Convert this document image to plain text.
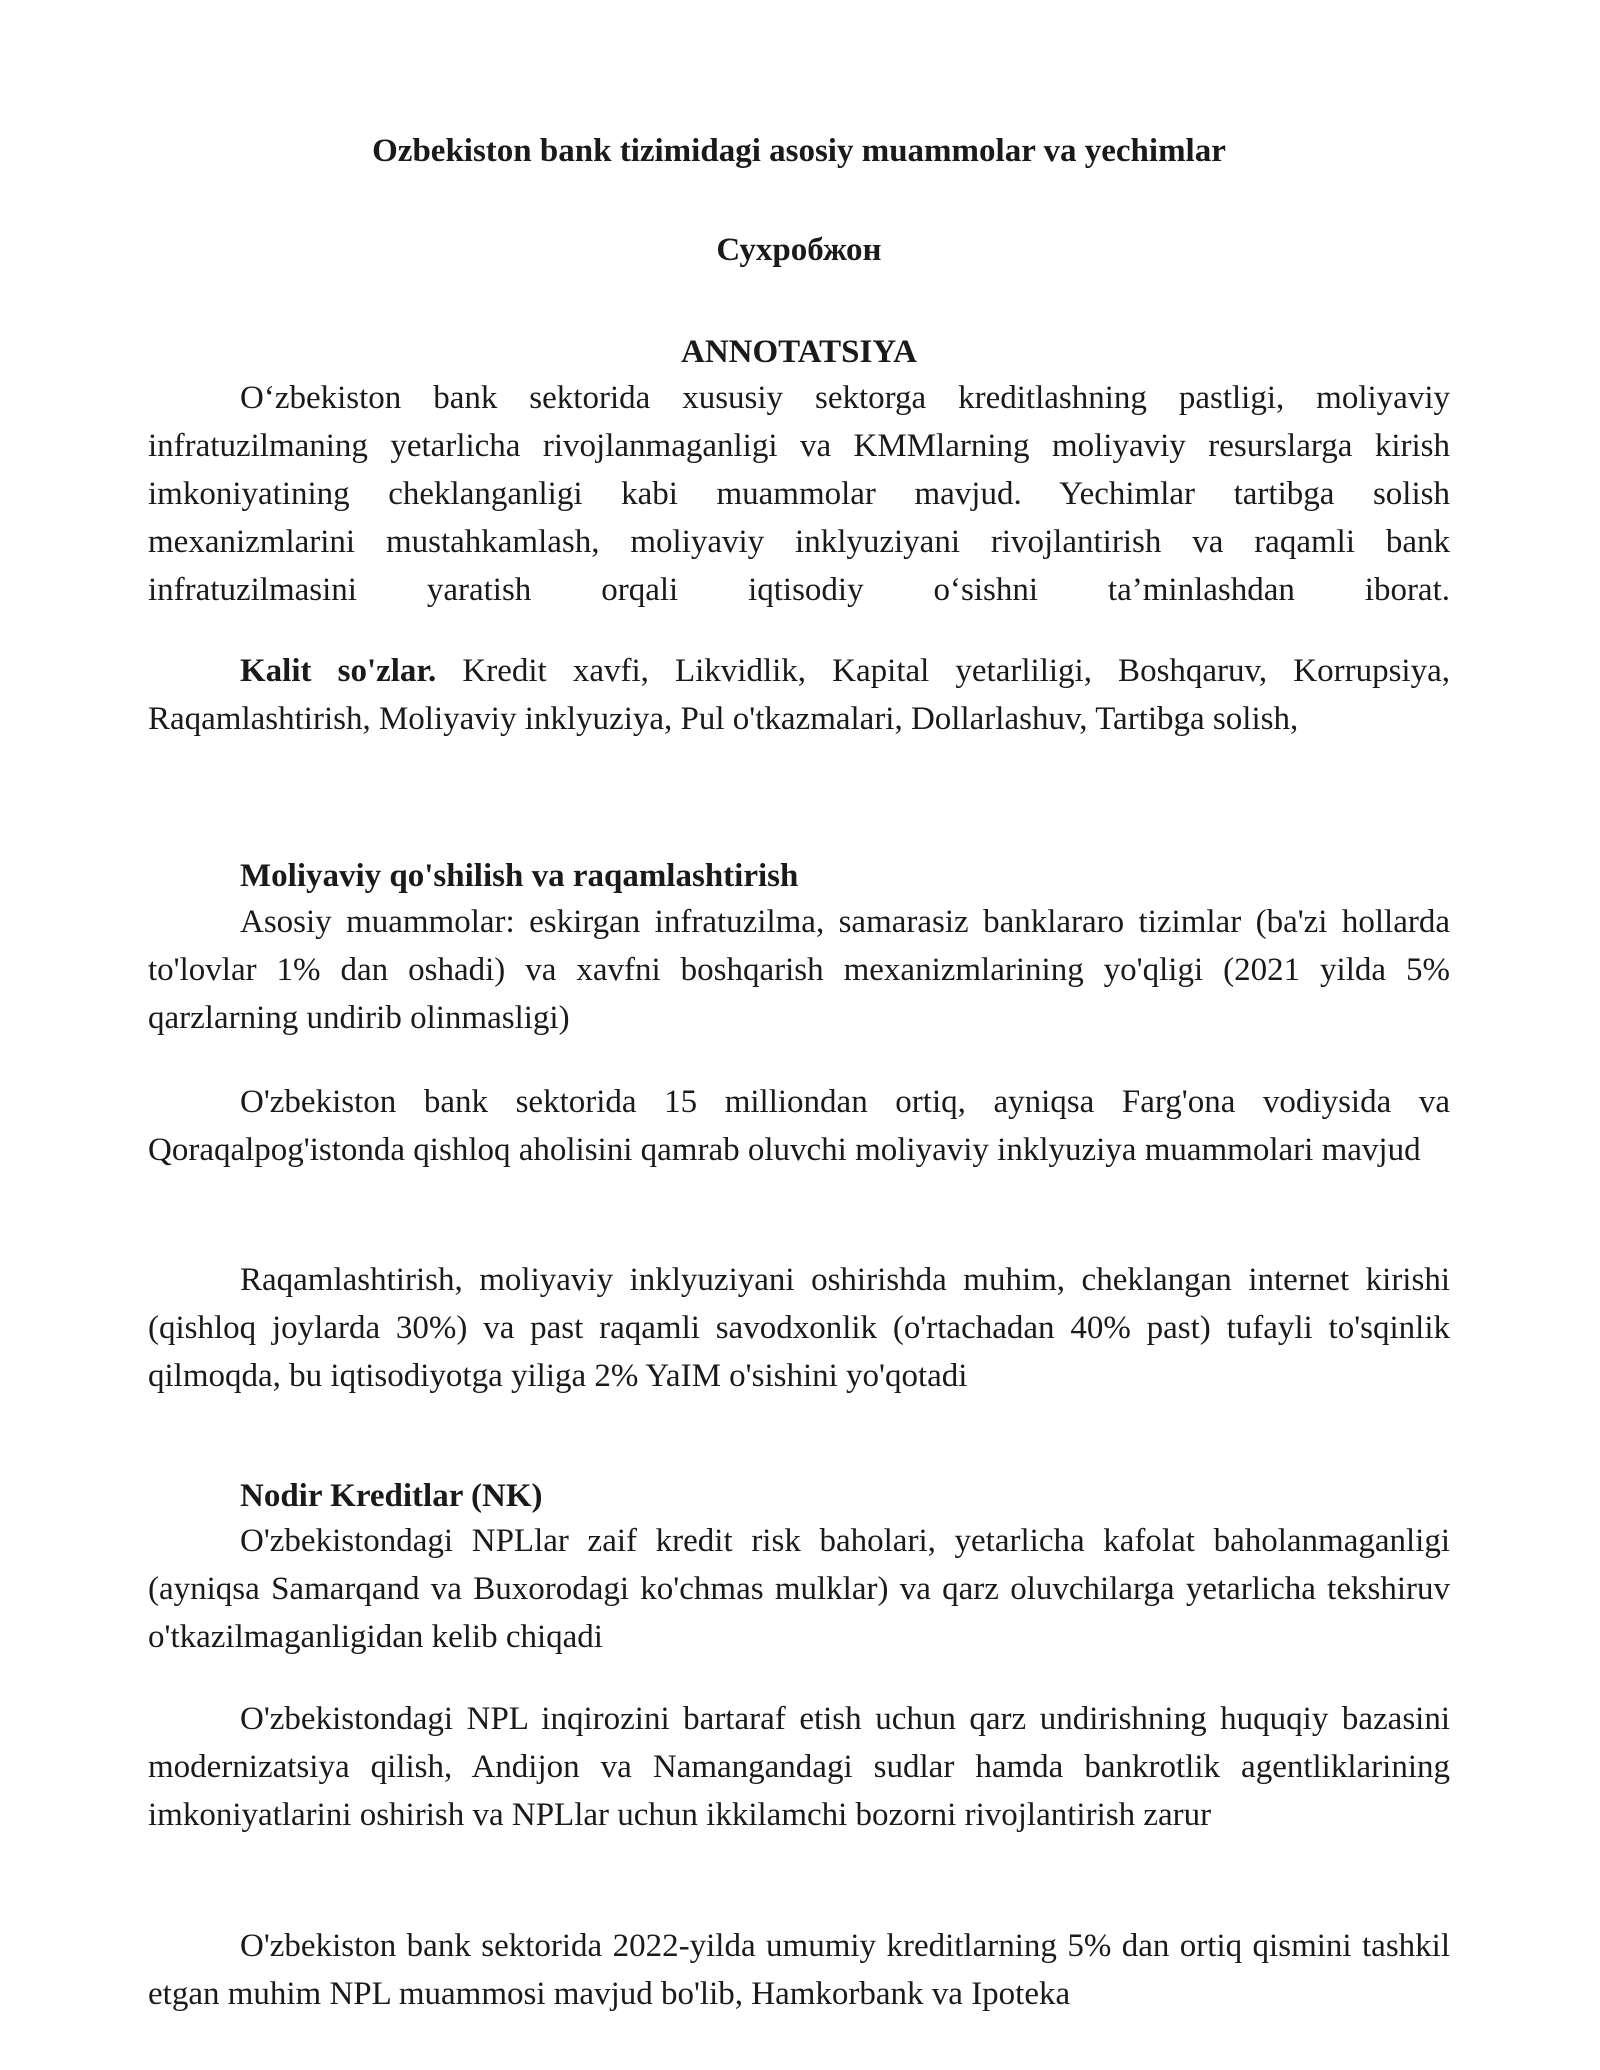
Ozbekiston bank tizimidagi asosiy muammolar va yechimlar
Сухробжон
ANNOTATSIYA

O‘zbekiston bank sektorida xususiy sektorga kreditlashning pastligi, moliyaviy infratuzilmaning yetarlicha rivojlanmaganligi va KMMlarning moliyaviy resurslarga kirish imkoniyatining cheklanganligi kabi muammolar mavjud. Yechimlar tartibga solish mexanizmlarini mustahkamlash, moliyaviy inklyuziyani rivojlantirish va raqamli bank infratuzilmasini yaratish orqali iqtisodiy o‘sishni ta’minlashdan iborat.

Kalit so'zlar. Kredit xavfi, Likvidlik, Kapital yetarliligi, Boshqaruv, Korrupsiya, Raqamlashtirish, Moliyaviy inklyuziya, Pul o'tkazmalari, Dollarlashuv, Tartibga solish,

Moliyaviy qo'shilish va raqamlashtirish

Asosiy muammolar: eskirgan infratuzilma, samarasiz banklararo tizimlar (ba'zi hollarda to'lovlar 1% dan oshadi) va xavfni boshqarish mexanizmlarining yo'qligi (2021 yilda 5% qarzlarning undirib olinmasligi)

O'zbekiston bank sektorida 15 milliondan ortiq, ayniqsa Farg'ona vodiysida va Qoraqalpog'istonda qishloq aholisini qamrab oluvchi moliyaviy inklyuziya muammolari mavjud

Raqamlashtirish, moliyaviy inklyuziyani oshirishda muhim, cheklangan internet kirishi (qishloq joylarda 30%) va past raqamli savodxonlik (o'rtachadan 40% past) tufayli to'sqinlik qilmoqda, bu iqtisodiyotga yiliga 2% YaIM o'sishini yo'qotadi

Nodir Kreditlar (NK)

O'zbekistondagi NPLlar zaif kredit risk baholari, yetarlicha kafolat baholanmaganligi (ayniqsa Samarqand va Buxorodagi ko'chmas mulklar) va qarz oluvchilarga yetarlicha tekshiruv o'tkazilmaganligidan kelib chiqadi

O'zbekistondagi NPL inqirozini bartaraf etish uchun qarz undirishning huquqiy bazasini modernizatsiya qilish, Andijon va Namangandagi sudlar hamda bankrotlik agentliklarining imkoniyatlarini oshirish va NPLlar uchun ikkilamchi bozorni rivojlantirish zarur

O'zbekiston bank sektorida 2022-yilda umumiy kreditlarning 5% dan ortiq qismini tashkil etgan muhim NPL muammosi mavjud bo'lib, Hamkorbank va Ipoteka
